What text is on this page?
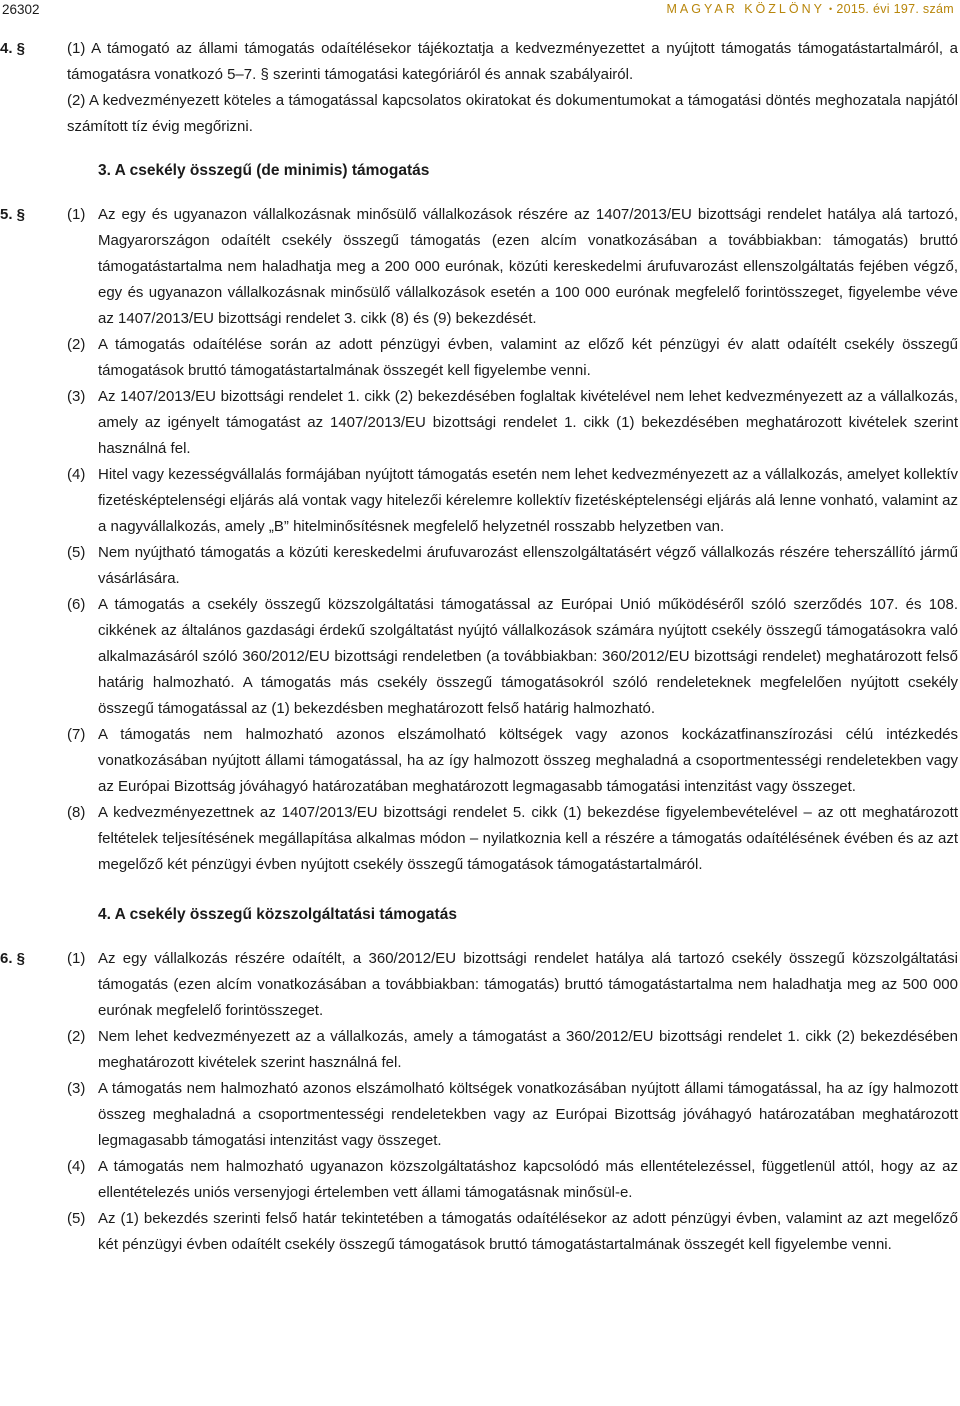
26302	MAGYAR KÖZLÖNY • 2015. évi 197. szám
4. §	(1) A támogató az állami támogatás odaítélésekor tájékoztatja a kedvezményezettet a nyújtott támogatás támogatástartalmáról, a támogatásra vonatkozó 5–7. § szerinti támogatási kategóriáról és annak szabályairól.
(2) A kedvezményezett köteles a támogatással kapcsolatos okiratokat és dokumentumokat a támogatási döntés meghozatala napjától számított tíz évig megőrizni.
3. A csekély összegű (de minimis) támogatás
5. §	(1) Az egy és ugyanazon vállalkozásnak minősülő vállalkozások részére az 1407/2013/EU bizottsági rendelet hatálya alá tartozó, Magyarországon odaítélt csekély összegű támogatás (ezen alcím vonatkozásában a továbbiakban: támogatás) bruttó támogatástartalma nem haladhatja meg a 200 000 eurónak, közúti kereskedelmi árufuvarozást ellenszolgáltatás fejében végző, egy és ugyanazon vállalkozásnak minősülő vállalkozások esetén a 100 000 eurónak megfelelő forintösszeget, figyelembe véve az 1407/2013/EU bizottsági rendelet 3. cikk (8) és (9) bekezdését.
(2) A támogatás odaítélése során az adott pénzügyi évben, valamint az előző két pénzügyi év alatt odaítélt csekély összegű támogatások bruttó támogatástartalmának összegét kell figyelembe venni.
(3) Az 1407/2013/EU bizottsági rendelet 1. cikk (2) bekezdésében foglaltak kivételével nem lehet kedvezményezett az a vállalkozás, amely az igényelt támogatást az 1407/2013/EU bizottsági rendelet 1. cikk (1) bekezdésében meghatározott kivételek szerint használná fel.
(4) Hitel vagy kezességvállalás formájában nyújtott támogatás esetén nem lehet kedvezményezett az a vállalkozás, amelyet kollektív fizetésképtelenségi eljárás alá vontak vagy hitelezői kérelemre kollektív fizetésképtelenségi eljárás alá lenne vonható, valamint az a nagyvállalkozás, amely „B” hitelminősítésnek megfelelő helyzetnél rosszabb helyzetben van.
(5) Nem nyújtható támogatás a közúti kereskedelmi árufuvarozást ellenszolgáltatásért végző vállalkozás részére teherszállító jármű vásárlására.
(6) A támogatás a csekély összegű közszolgáltatási támogatással az Európai Unió működéséről szóló szerződés 107. és 108. cikkének az általános gazdasági érdekű szolgáltatást nyújtó vállalkozások számára nyújtott csekély összegű támogatásokra való alkalmazásáról szóló 360/2012/EU bizottsági rendeletben (a továbbiakban: 360/2012/EU bizottsági rendelet) meghatározott felső határig halmozható. A támogatás más csekély összegű támogatásokról szóló rendeleteknek megfelelően nyújtott csekély összegű támogatással az (1) bekezdésben meghatározott felső határig halmozható.
(7) A támogatás nem halmozható azonos elszámolható költségek vagy azonos kockázatfinanszírozási célú intézkedés vonatkozásában nyújtott állami támogatással, ha az így halmozott összeg meghaladná a csoportmentességi rendeletekben vagy az Európai Bizottság jóváhagyó határozatában meghatározott legmagasabb támogatási intenzitást vagy összeget.
(8) A kedvezményezettnek az 1407/2013/EU bizottsági rendelet 5. cikk (1) bekezdése figyelembevételével – az ott meghatározott feltételek teljesítésének megállapítása alkalmas módon – nyilatkoznia kell a részére a támogatás odaítélésének évében és az azt megelőző két pénzügyi évben nyújtott csekély összegű támogatások támogatástartalmáról.
4. A csekély összegű közszolgáltatási támogatás
6. §	(1) Az egy vállalkozás részére odaítélt, a 360/2012/EU bizottsági rendelet hatálya alá tartozó csekély összegű közszolgáltatási támogatás (ezen alcím vonatkozásában a továbbiakban: támogatás) bruttó támogatástartalma nem haladhatja meg az 500 000 eurónak megfelelő forintösszeget.
(2) Nem lehet kedvezményezett az a vállalkozás, amely a támogatást a 360/2012/EU bizottsági rendelet 1. cikk (2) bekezdésében meghatározott kivételek szerint használná fel.
(3) A támogatás nem halmozható azonos elszámolható költségek vonatkozásában nyújtott állami támogatással, ha az így halmozott összeg meghaladná a csoportmentességi rendeletekben vagy az Európai Bizottság jóváhagyó határozatában meghatározott legmagasabb támogatási intenzitást vagy összeget.
(4) A támogatás nem halmozható ugyanazon közszolgáltatáshoz kapcsolódó más ellentételezéssel, függetlenül attól, hogy az az ellentételezés uniós versenyjogi értelemben vett állami támogatásnak minősül-e.
(5) Az (1) bekezdés szerinti felső határ tekintetében a támogatás odaítélésekor az adott pénzügyi évben, valamint az azt megelőző két pénzügyi évben odaítélt csekély összegű támogatások bruttó támogatástartalmának összegét kell figyelembe venni.
